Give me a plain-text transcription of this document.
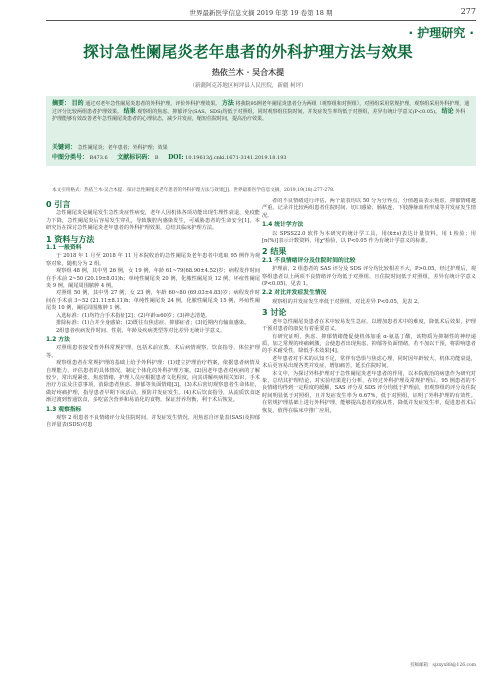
世界最新医学信息文摘 2019 年第 19 卷第 18 期	277
· 护理研究 ·
探讨急性阑尾炎老年患者的外科护理方法与效果
热依兰木 · 吴合木提
（新疆阿克苏地区柯坪县人民医院，新疆 柯坪）

摘要： 目的 通过对老年急性阑尾炎患者的外科护理，评价外科护理效果。 方法 将我院95例老年阑尾炎患者分为两组（观察组和对照组），对照组采用常规护理，观察组采用外科护理，通过评分比较两组患者护理效果。 结果 观察组的焦虑、抑郁评分(SAS、SDS)均低于对照组，同时观察组住院时间、并发症发生率均低于对照组，差异有统计学意义(P<0.05)。 结论 外科护理能够有效改善老年急性阑尾炎患者的心理状态，减少并发症，缩短住院时间，提高治疗效果。

关键词： 急性阑尾炎；老年患者；外科护理；效果

中图分类号： R473.6 文献标识码： B DOI: 10.19613/j.cnki.1671-3141.2019.18.193

本文引用格式：热依兰木·吴合木提．探讨急性阑尾炎老年患者的外科护理方法与效果[J]．世界最新医学信息文摘，2019,19(18):277-278.
0 引言
急性阑尾炎是阑尾发生急性炎症性病变，老年人因机体各项功能出现生理性衰退，免疫能力下降，急性阑尾炎后容易发生穿孔，导致腹腔内感染发生，可威胁患者的生命安全[1]。本研究旨在探讨急性阑尾炎老年患者的外科护理效果，总结其临床护理方法。
1 资料与方法
1.1 一般资料
于 2018 年 1 月至 2018 年 11 月本院收治的急性阑尾炎老年患者中选取 95 例作为观察对象，随机分为 2 组。
观察组 48 例，其中男 26 例，女 19 例，年龄 61~79(68.90±4.52)岁；病程发作时间在手术前 2~50 (20.19±8.01)h；单纯性阑尾炎 20 例，化脓性阑尾炎 12 例，坏疽性阑尾炎 9 例，阑尾周围脓肿 4 例。
对照组 50 例，其中男 27 例，女 23 例，年龄 60~80 (69.03±4.83)岁；病程发作时间在手术前 3~52 (21.11±8.11)h；单纯性阑尾炎 24 例，化脓性阑尾炎 15 例，坏疽性阑尾炎 10 例，阑尾周围脓肿 1 例。
入选标准：(1)均符合手术指征[2]；(2)年龄≥60岁；(3)神志清楚。
排除标准：(1)合并全身感染；(2)既往有焦虑症、抑郁症者；(3)近期内有输血感染。
2组患者疾病发作时间、性别、年龄及疾病类型等对比差异无统计学意义。
1.2 方法
对照组患者接受普外科常规护理，包括术前宣教、术后病情观察、饮食指导、体位护理等。
观察组患者在常规护理的基础上给予外科护理：(1)建立护理治疗档案，依据患者病情及自理能力，评估患者的具体情况，制定个体化的外科护理方案。(2)因老年患者对疾病的了解较少，常出现紧张、焦虑情绪，护理人员应根据患者文化程度，向其讲解疾病相关知识、手术治疗方法及注意事项，消除患者焦虑、抑郁等负面情绪[3]。(3)术后密切观察患者生命体征，做好疼痛护理，指导患者早期下床活动，预防并发症发生。(4)术后饮食指导，从流质饮食逐渐过渡到普通饮食，多吃富含营养和易消化的食物，保证营养均衡，利于术后恢复。
1.3 观察指标
观察 2 组患者不良情绪评分及住院时间、并发症发生情况。用焦虑自评量表(SAS)及抑郁自评量表(SDS)对患
者的不良情绪进行评估，两个量表均以 50 分为分界点，分值越高表示焦虑、抑郁情绪越严重。记录并比较两组患者住院时间、切口感染、肠粘连、下肢静脉血栓形成等并发症发生情况。
1.4 统计学方法
以 SPSS22.0 软件为本研究的统计学工具，用(x̄±s)表达计量资料，用 t 检验；用[n(%)]表示计数资料，用χ²检验，以 P<0.05 作为有统计学意义的标准。
2 结果
2.1 不良情绪评分及住院时间的比较
护理前，2 组患者的 SAS 评分及 SDS 评分均比较相差不大，P>0.05。经过护理后，观察组患者以上两项不良情绪评分均低于对照组，且住院时间低于对照组，差异有统计学意义(P<0.05)。见表 1。
2.2 对比并发症发生情况
观察组的并发症发生率低于对照组，对比差异 P<0.05，见表 2。
3 讨论
老年急性阑尾炎患者在术中较易发生急症，以增加患者术中的难度，降低术后效果，护理干预对患者的康复有着重要意义。
有研究证明，焦虑、抑郁情绪能促使机体加重 α-氨基丁酸，该物质为抑制性的神经递质，加之常规的疼痛刺激，会使患者出现焦虑、抑郁等负面情绪，若不加以干预，将影响患者的手术耐受性，降低手术效果[4]。
老年患者对手术的认知不足，常伴有恐惧与焦虑心理，同时因年龄较大、机体功能衰退，术后更容易出现各类并发症，增加痛苦，延长住院时间。
本文中，为探讨外科护理对于急性阑尾炎老年患者的作用，以本院收治的病患作为研究对象，总结其护理结论，对实验结果进行分析，在经过外科护理及常规护理后，95 例患者的不良情绪均得到一定程度的缓解，SAS 评分及 SDS 评分均低于护理前，但观察组的评分及住院时间明显低于对照组，且并发症发生率为 6.67%，低于对照组，证明了外科护理的有效性。在常规护理基础上进行外科护理，能够提高患者的依从性，降低并发症发生率，促进患者术后恢复，值得在临床中推广应用。
投稿邮箱：sjzxyx88@126.com
